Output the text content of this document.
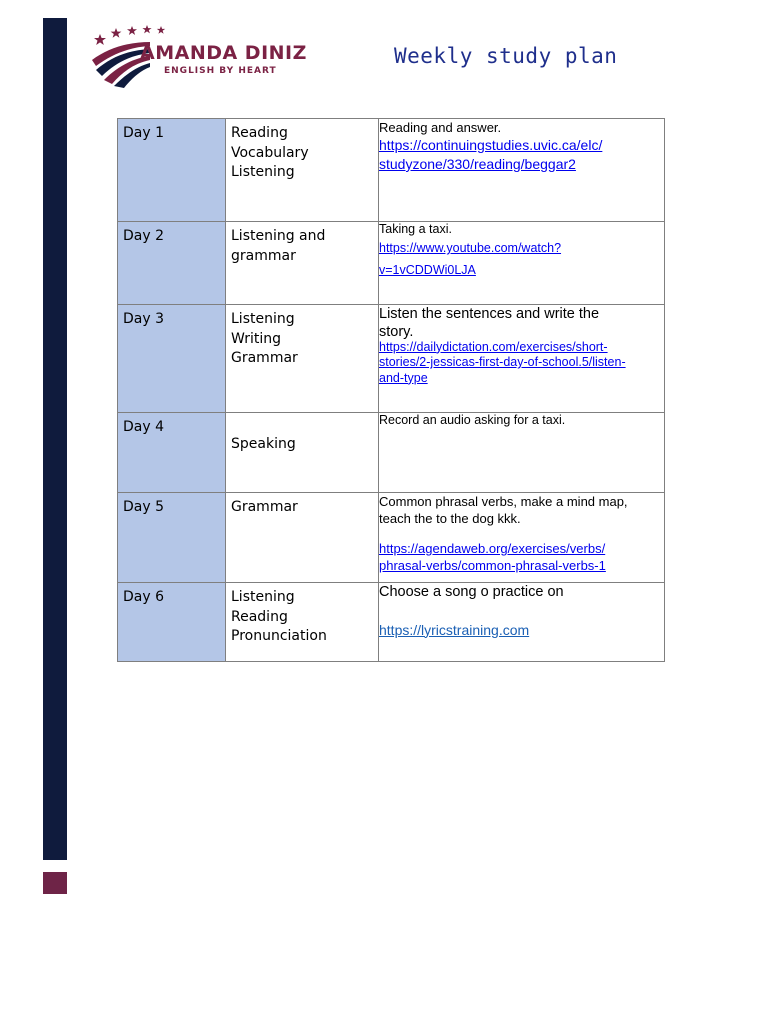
AMANDA DINIZ
ENGLISH BY HEART
Weekly study plan
Day 1	Reading
Vocabulary
Listening	Reading and answer.
https://continuingstudies.uvic.ca/elc/
studyzone/330/reading/beggar2

Day 2	Listening and
grammar	Taking a taxi.
https://www.youtube.com/watch?
v=1vCDDWi0LJA

Day 3	Listening
Writing
Grammar	Listen the sentences and write the
story.
https://dailydictation.com/exercises/short-
stories/2-jessicas-first-day-of-school.5/listen-
and-type

Day 4	Speaking	Record an audio asking for a taxi.

Day 5	Grammar	Common phrasal verbs, make a mind map,
teach the to the dog kkk.
https://agendaweb.org/exercises/verbs/
phrasal-verbs/common-phrasal-verbs-1

Day 6	Listening
Reading
Pronunciation	Choose a song o practice on
https://lyricstraining.com
